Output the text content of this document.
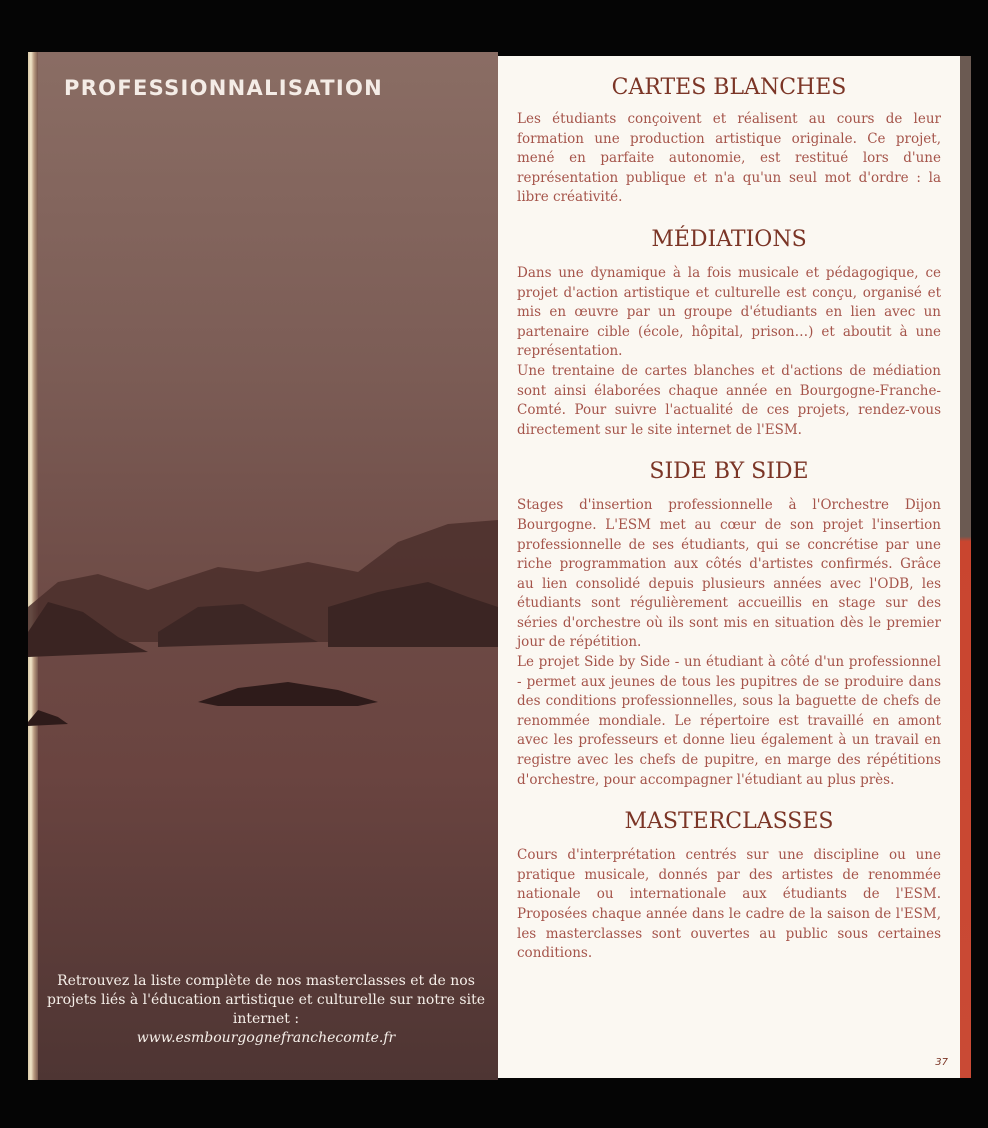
PROFESSIONNALISATION
Retrouvez la liste complète de nos masterclasses et de nos projets liés à l'éducation artistique et culturelle sur notre site internet :
www.esmbourgognefranchecomte.fr
CARTES BLANCHES

Les étudiants conçoivent et réalisent au cours de leur formation une production artistique originale. Ce projet, mené en parfaite autonomie, est restitué lors d'une représentation publique et n'a qu'un seul mot d'ordre : la libre créativité.

MÉDIATIONS

Dans une dynamique à la fois musicale et pédagogique, ce projet d'action artistique et culturelle est conçu, organisé et mis en œuvre par un groupe d'étudiants en lien avec un partenaire cible (école, hôpital, prison…) et aboutit à une représentation.

Une trentaine de cartes blanches et d'actions de médiation sont ainsi élaborées chaque année en Bourgogne-Franche-Comté. Pour suivre l'actualité de ces projets, rendez-vous directement sur le site internet de l'ESM.

SIDE BY SIDE

Stages d'insertion professionnelle à l'Orchestre Dijon Bourgogne. L'ESM met au cœur de son projet l'insertion professionnelle de ses étudiants, qui se concrétise par une riche programmation aux côtés d'artistes confirmés. Grâce au lien consolidé depuis plusieurs années avec l'ODB, les étudiants sont régulièrement accueillis en stage sur des séries d'orchestre où ils sont mis en situation dès le premier jour de répétition.

Le projet Side by Side - un étudiant à côté d'un professionnel - permet aux jeunes de tous les pupitres de se produire dans des conditions professionnelles, sous la baguette de chefs de renommée mondiale. Le répertoire est travaillé en amont avec les professeurs et donne lieu également à un travail en registre avec les chefs de pupitre, en marge des répétitions d'orchestre, pour accompagner l'étudiant au plus près.

MASTERCLASSES

Cours d'interprétation centrés sur une discipline ou une pratique musicale, donnés par des artistes de renommée nationale ou internationale aux étudiants de l'ESM. Proposées chaque année dans le cadre de la saison de l'ESM, les masterclasses sont ouvertes au public sous certaines conditions.

37
